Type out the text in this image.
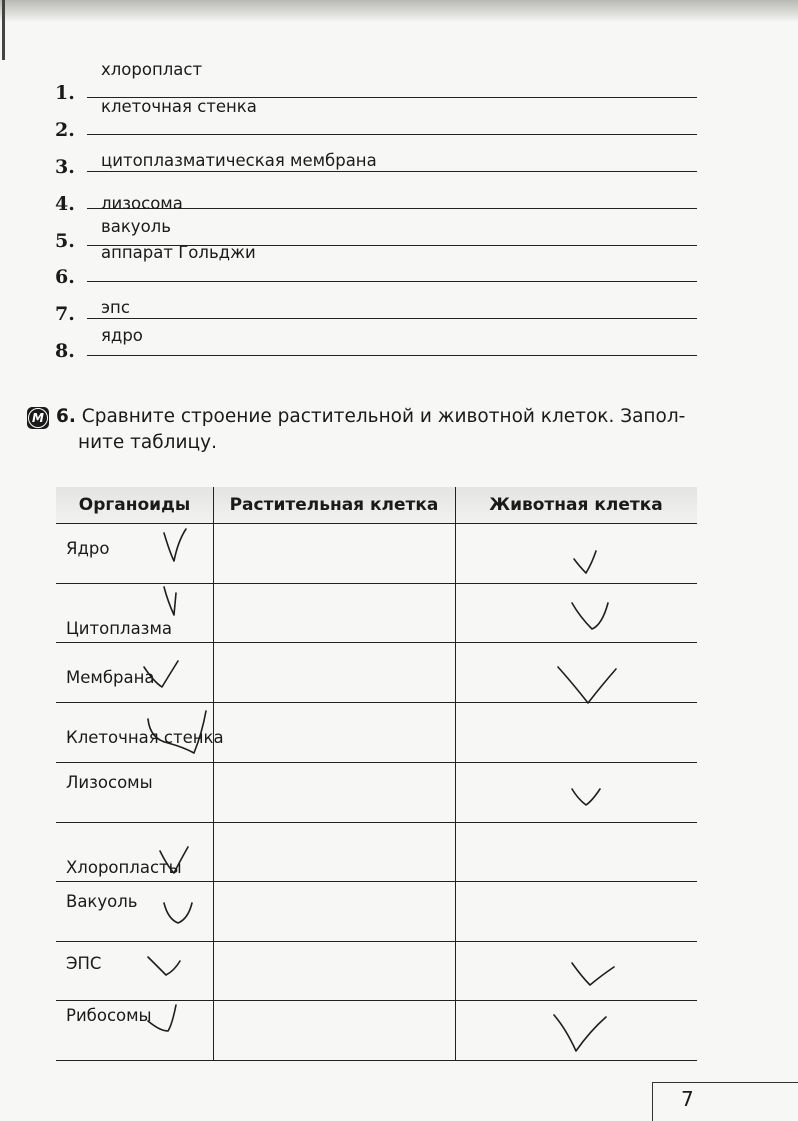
1.
хлоропласт
2.
клеточная стенка
3.	цитоплазматическая мембрана
4.	лизосома
5.
вакуоль
6.
аппарат Гольджи
7.	эпс
8.
ядро
M 6. Сравните строение растительной и животной клеток. Запол-
ните таблицу.
Органоиды	Растительная клетка	Животная клетка
Ядро
Цитоплазма
Мембрана
Клеточная стенка
Лизосомы
Хлоропласты
Вакуоль
ЭПС
Рибосомы
7
